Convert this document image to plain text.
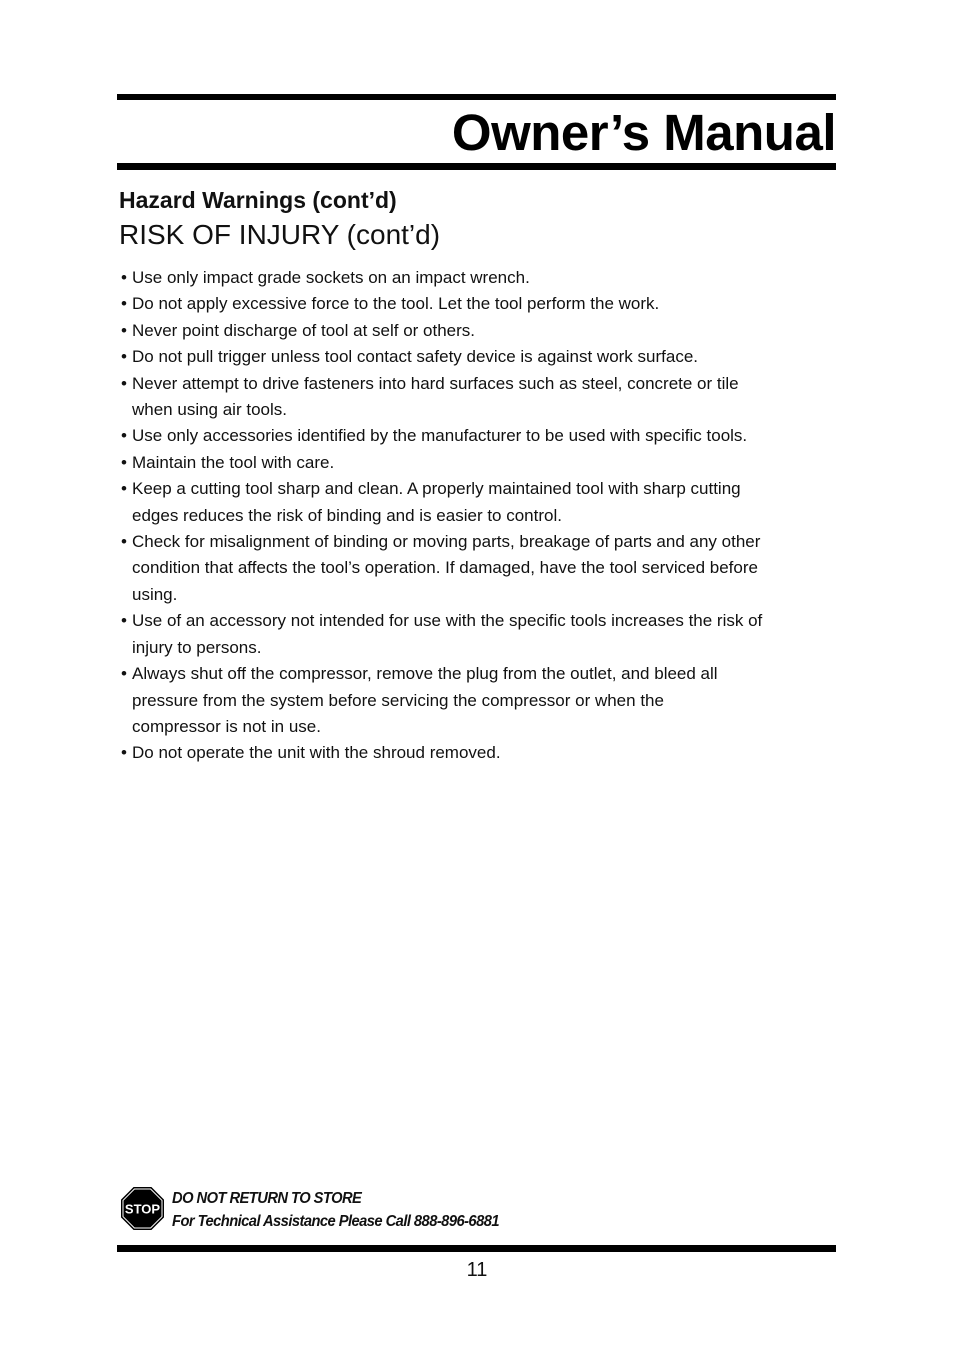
Owner’s Manual
Hazard Warnings (cont’d)
RISK OF INJURY (cont’d)
• Use only impact grade sockets on an impact wrench.
• Do not apply excessive force to the tool. Let the tool perform the work.
• Never point discharge of tool at self or others.
• Do not pull trigger unless tool contact safety device is against work surface.
• Never attempt to drive fasteners into hard surfaces such as steel, concrete or tile
when using air tools.
• Use only accessories identified by the manufacturer to be used with specific tools.
• Maintain the tool with care.
• Keep a cutting tool sharp and clean. A properly maintained tool with sharp cutting
edges reduces the risk of binding and is easier to control.
• Check for misalignment of binding or moving parts, breakage of parts and any other
condition that affects the tool’s operation. If damaged, have the tool serviced before
using.
• Use of an accessory not intended for use with the specific tools increases the risk of
injury to persons.
• Always shut off the compressor, remove the plug from the outlet, and bleed all
pressure from the system before servicing the compressor or when the
compressor is not in use.
• Do not operate the unit with the shroud removed.
STOP

DO NOT RETURN TO STORE

For Technical Assistance Please Call 888-896-6881

11
